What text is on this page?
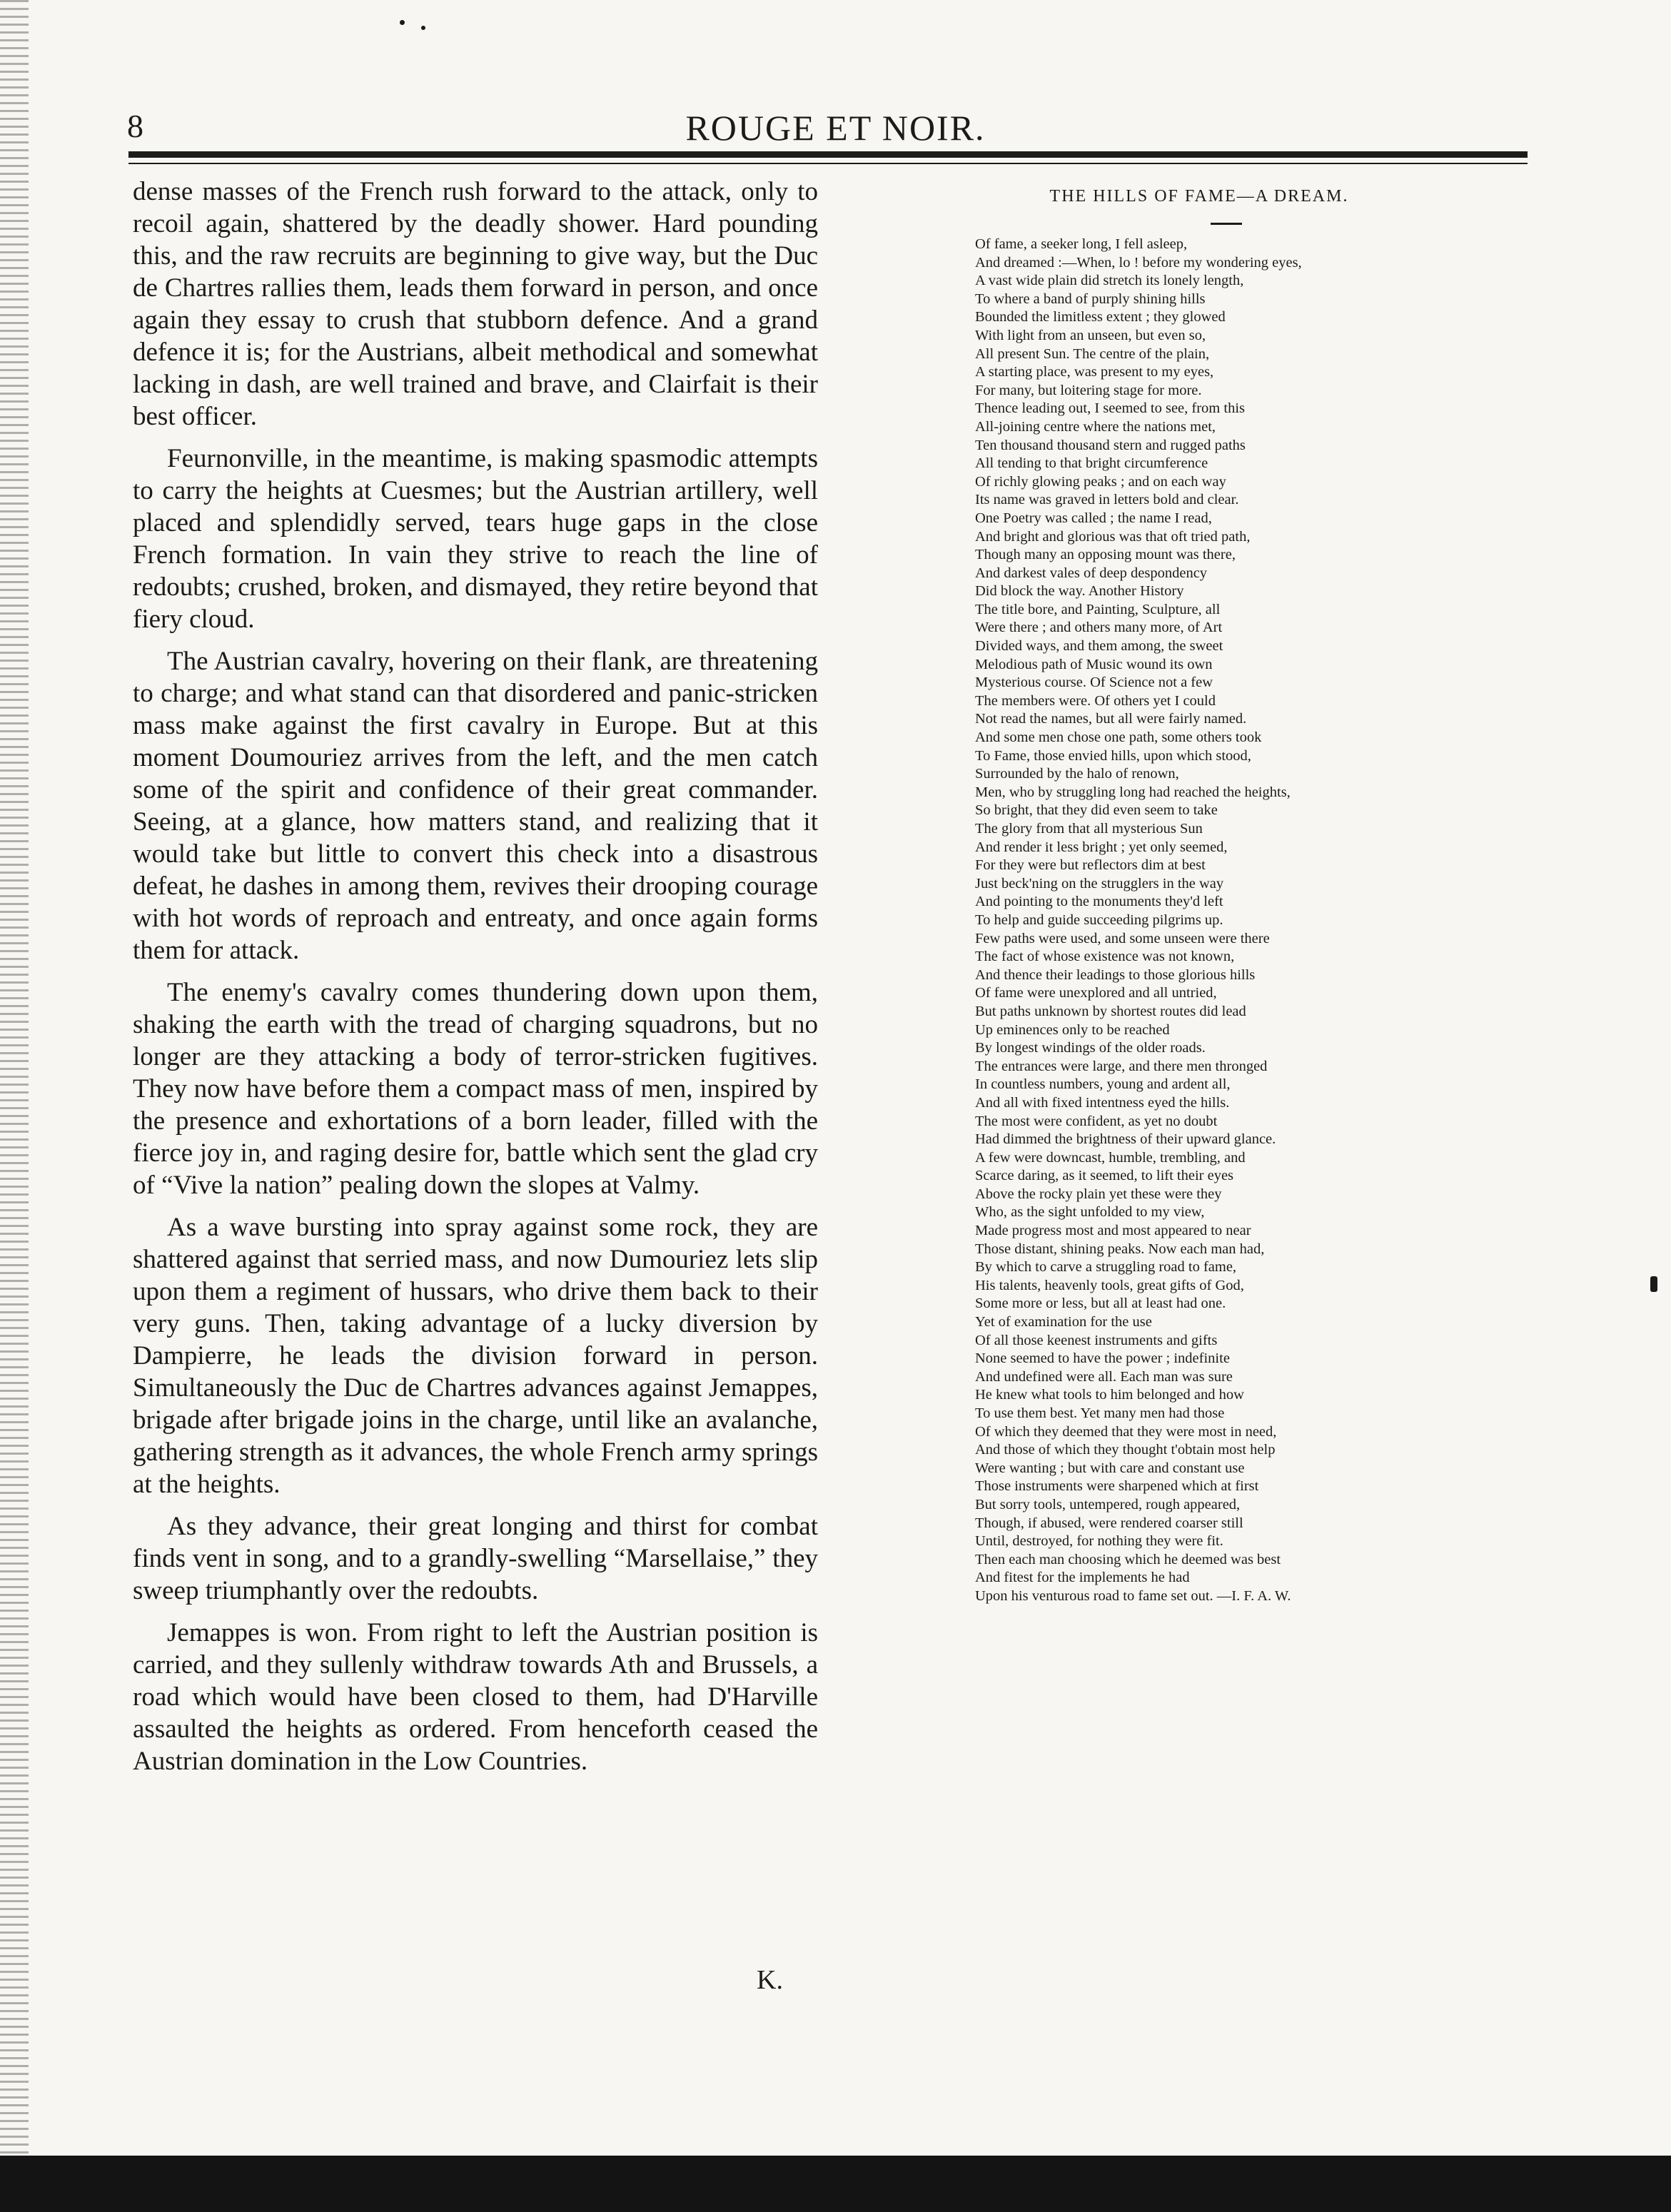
8	ROUGE ET NOIR.

dense masses of the French rush forward to the attack, only to recoil again, shattered by the deadly shower. Hard pounding this, and the raw recruits are beginning to give way, but the Duc de Chartres rallies them, leads them forward in person, and once again they essay to crush that stubborn defence. And a grand defence it is; for the Austrians, albeit methodical and somewhat lacking in dash, are well trained and brave, and Clairfait is their best officer.

Feurnonville, in the meantime, is making spasmodic attempts to carry the heights at Cuesmes; but the Austrian artillery, well placed and splendidly served, tears huge gaps in the close French formation. In vain they strive to reach the line of redoubts; crushed, broken, and dismayed, they retire beyond that fiery cloud.

The Austrian cavalry, hovering on their flank, are threatening to charge; and what stand can that disordered and panic-stricken mass make against the first cavalry in Europe. But at this moment Doumouriez arrives from the left, and the men catch some of the spirit and confidence of their great commander. Seeing, at a glance, how matters stand, and realizing that it would take but little to convert this check into a disastrous defeat, he dashes in among them, revives their drooping courage with hot words of reproach and entreaty, and once again forms them for attack.

The enemy's cavalry comes thundering down upon them, shaking the earth with the tread of charging squadrons, but no longer are they attacking a body of terror-stricken fugitives. They now have before them a compact mass of men, inspired by the presence and exhortations of a born leader, filled with the fierce joy in, and raging desire for, battle which sent the glad cry of “Vive la nation” pealing down the slopes at Valmy.

As a wave bursting into spray against some rock, they are shattered against that serried mass, and now Dumouriez lets slip upon them a regiment of hussars, who drive them back to their very guns. Then, taking advantage of a lucky diversion by Dampierre, he leads the division forward in person. Simultaneously the Duc de Chartres advances against Jemappes, brigade after brigade joins in the charge, until like an avalanche, gathering strength as it advances, the whole French army springs at the heights.

As they advance, their great longing and thirst for combat finds vent in song, and to a grandly-swelling “Marsellaise,” they sweep triumphantly over the redoubts.

Jemappes is won. From right to left the Austrian position is carried, and they sullenly withdraw towards Ath and Brussels, a road which would have been closed to them, had D'Harville assaulted the heights as ordered. From henceforth ceased the Austrian domination in the Low Countries.

K.
THE HILLS OF FAME—A DREAM.
Of fame, a seeker long, I fell asleep,
And dreamed :—When, lo ! before my wondering eyes,
A vast wide plain did stretch its lonely length,
To where a band of purply shining hills
Bounded the limitless extent ; they glowed
With light from an unseen, but even so,
All present Sun. The centre of the plain,
A starting place, was present to my eyes,
For many, but loitering stage for more.
Thence leading out, I seemed to see, from this
All-joining centre where the nations met,
Ten thousand thousand stern and rugged paths
All tending to that bright circumference
Of richly glowing peaks ; and on each way
Its name was graved in letters bold and clear.
One Poetry was called ; the name I read,
And bright and glorious was that oft tried path,
Though many an opposing mount was there,
And darkest vales of deep despondency
Did block the way. Another History
The title bore, and Painting, Sculpture, all
Were there ; and others many more, of Art
Divided ways, and them among, the sweet
Melodious path of Music wound its own
Mysterious course. Of Science not a few
The members were. Of others yet I could
Not read the names, but all were fairly named.
And some men chose one path, some others took
To Fame, those envied hills, upon which stood,
Surrounded by the halo of renown,
Men, who by struggling long had reached the heights,
So bright, that they did even seem to take
The glory from that all mysterious Sun
And render it less bright ; yet only seemed,
For they were but reflectors dim at best
Just beck'ning on the strugglers in the way
And pointing to the monuments they'd left
To help and guide succeeding pilgrims up.
Few paths were used, and some unseen were there
The fact of whose existence was not known,
And thence their leadings to those glorious hills
Of fame were unexplored and all untried,
But paths unknown by shortest routes did lead
Up eminences only to be reached
By longest windings of the older roads.
The entrances were large, and there men thronged
In countless numbers, young and ardent all,
And all with fixed intentness eyed the hills.
The most were confident, as yet no doubt
Had dimmed the brightness of their upward glance.
A few were downcast, humble, trembling, and
Scarce daring, as it seemed, to lift their eyes
Above the rocky plain yet these were they
Who, as the sight unfolded to my view,
Made progress most and most appeared to near
Those distant, shining peaks. Now each man had,
By which to carve a struggling road to fame,
His talents, heavenly tools, great gifts of God,
Some more or less, but all at least had one.
Yet of examination for the use
Of all those keenest instruments and gifts
None seemed to have the power ; indefinite
And undefined were all. Each man was sure
He knew what tools to him belonged and how
To use them best. Yet many men had those
Of which they deemed that they were most in need,
And those of which they thought t'obtain most help
Were wanting ; but with care and constant use
Those instruments were sharpened which at first
But sorry tools, untempered, rough appeared,
Though, if abused, were rendered coarser still
Until, destroyed, for nothing they were fit.
Then each man choosing which he deemed was best
And fitest for the implements he had
Upon his venturous road to fame set out. —I. F. A. W.
